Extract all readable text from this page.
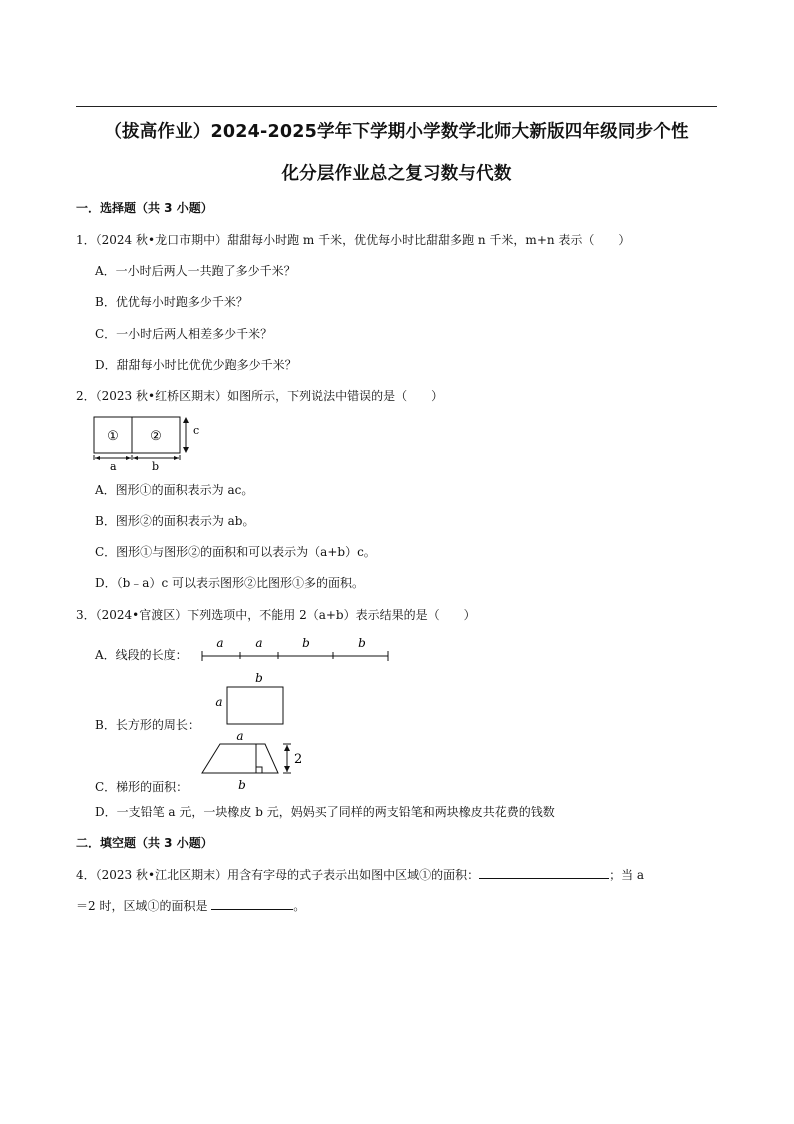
（拔高作业）2024-2025学年下学期小学数学北师大新版四年级同步个性
化分层作业总之复习数与代数
一．选择题（共 3 小题）
1．（2024 秋•龙口市期中）甜甜每小时跑 m 千米，优优每小时比甜甜多跑 n 千米，m+n 表示（　　）
A．一小时后两人一共跑了多少千米？
B．优优每小时跑多少千米？
C．一小时后两人相差多少千米？
D．甜甜每小时比优优少跑多少千米？
2．（2023 秋•红桥区期末）如图所示，下列说法中错误的是（　　）
① ②	c
a	b
A．图形①的面积表示为 ac。
B．图形②的面积表示为 ab。
C．图形①与图形②的面积和可以表示为（a+b）c。
D．（b﹣a）c 可以表示图形②比图形①多的面积。
3．（2024•官渡区）下列选项中，不能用 2（a+b）表示结果的是（　　）
A．线段的长度：
a	a	b	b
B．长方形的周长：
b
a
C．梯形的面积：
a
b
2
D．一支铅笔 a 元，一块橡皮 b 元，妈妈买了同样的两支铅笔和两块橡皮共花费的钱数
二．填空题（共 3 小题）
4．（2023 秋•江北区期末）用含有字母的式子表示出如图中区域①的面积：	；当 a
＝2 时，区域①的面积是	。
